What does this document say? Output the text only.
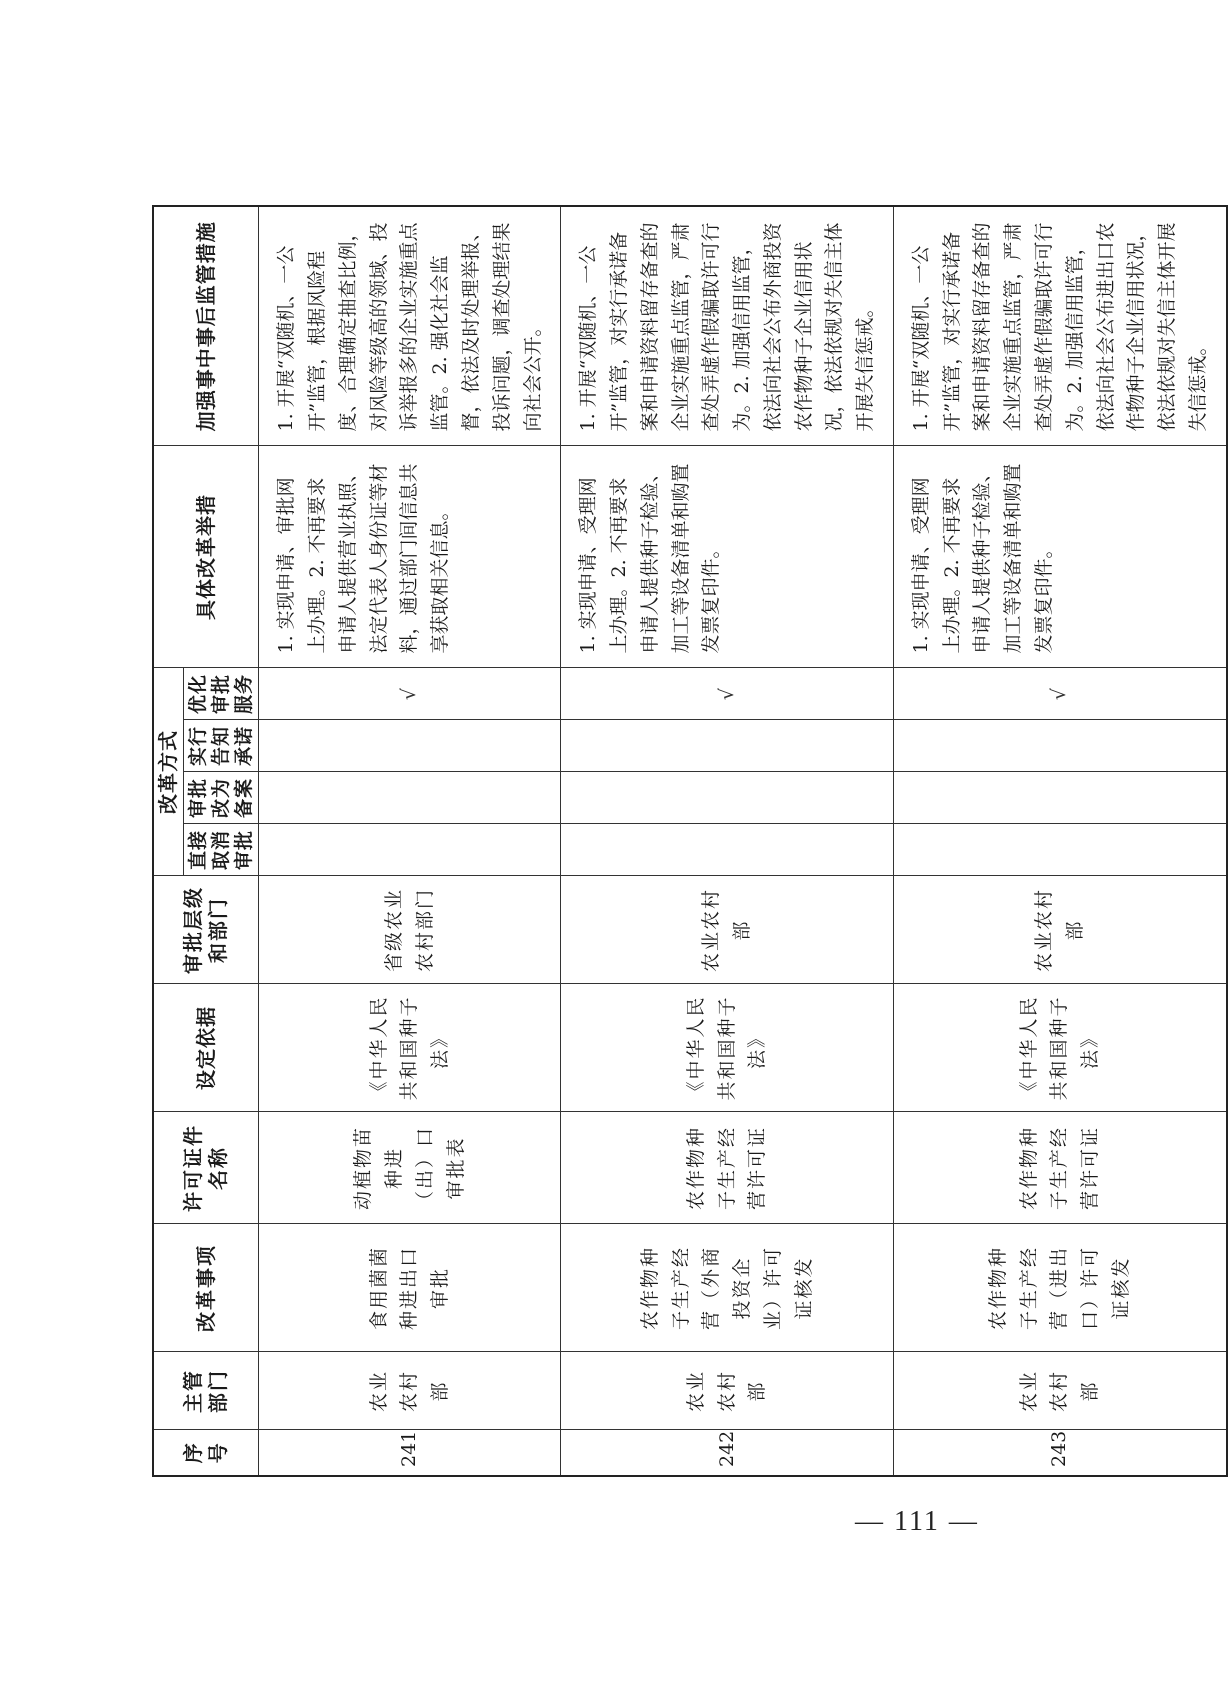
序号	主管部门	改革事项	许可证件名称	设定依据	审批层级和部门	改革方式				具体改革举措	加强事中事后监管措施
						直接取消审批	审批改为备案	实行告知承诺	优化审批服务		
241	农业农村部	食用菌菌种进出口审批	动植物苗种进（出）口审批表	《中华人民共和国种子法》	省级农业农村部门				√	1. 实现申请、审批网上办理。2. 不再要求申请人提供营业执照、法定代表人身份证等材料，通过部门间信息共享获取相关信息。	1. 开展“双随机、一公开”监管，根据风险程度、合理确定抽查比例，对风险等级高的领域、投诉举报多的企业实施重点监管。2. 强化社会监督，依法及时处理举报、投诉问题，调查处理结果向社会公开。
242	农业农村部	农作物种子生产经营（外商投资企业）许可证核发	农作物种子生产经营许可证	《中华人民共和国种子法》	农业农村部				√	1. 实现申请、受理网上办理。2. 不再要求申请人提供种子检验、加工等设备清单和购置发票复印件。	1. 开展“双随机、一公开”监管，对实行承诺备案和申请资料留存备查的企业实施重点监管，严肃查处弄虚作假骗取许可行为。2. 加强信用监管，依法向社会公布外商投资农作物种子企业信用状况，依法依规对失信主体开展失信惩戒。
243	农业农村部	农作物种子生产经营（进出口）许可证核发	农作物种子生产经营许可证	《中华人民共和国种子法》	农业农村部				√	1. 实现申请、受理网上办理。2. 不再要求申请人提供种子检验、加工等设备清单和购置发票复印件。	1. 开展“双随机、一公开”监管，对实行承诺备案和申请资料留存备查的企业实施重点监管，严肃查处弄虚作假骗取许可行为。2. 加强信用监管，依法向社会公布进出口农作物种子企业信用状况，依法依规对失信主体开展失信惩戒。
— 111 —
